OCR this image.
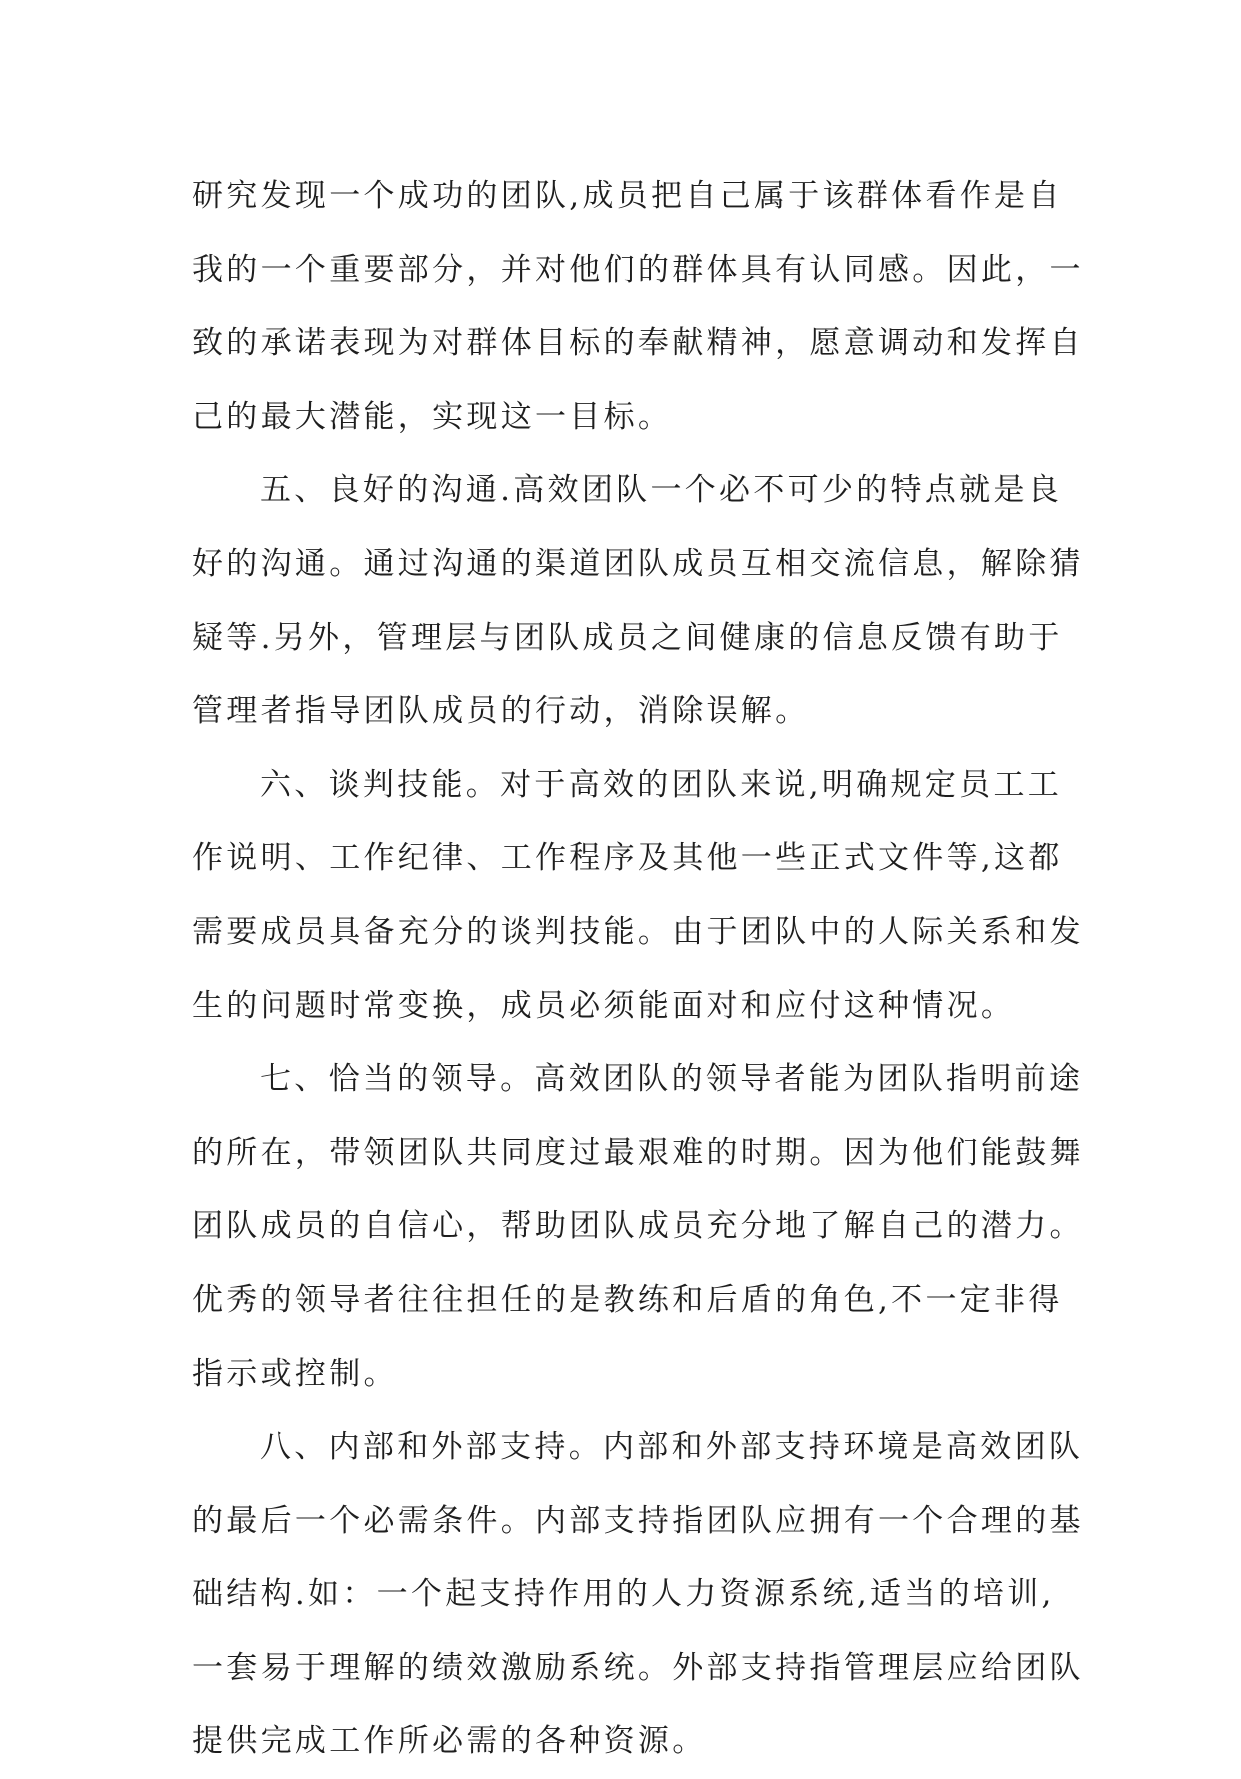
研究发现一个成功的团队,成员把自己属于该群体看作是自
我的一个重要部分，并对他们的群体具有认同感。因此，一
致的承诺表现为对群体目标的奉献精神，愿意调动和发挥自
己的最大潜能，实现这一目标。
五、良好的沟通.高效团队一个必不可少的特点就是良
好的沟通。通过沟通的渠道团队成员互相交流信息，解除猜
疑等.另外，管理层与团队成员之间健康的信息反馈有助于
管理者指导团队成员的行动，消除误解。
六、谈判技能。对于高效的团队来说,明确规定员工工
作说明、工作纪律、工作程序及其他一些正式文件等,这都
需要成员具备充分的谈判技能。由于团队中的人际关系和发
生的问题时常变换，成员必须能面对和应付这种情况。
七、恰当的领导。高效团队的领导者能为团队指明前途
的所在，带领团队共同度过最艰难的时期。因为他们能鼓舞
团队成员的自信心，帮助团队成员充分地了解自己的潜力。
优秀的领导者往往担任的是教练和后盾的角色,不一定非得
指示或控制。
八、内部和外部支持。内部和外部支持环境是高效团队
的最后一个必需条件。内部支持指团队应拥有一个合理的基
础结构.如：一个起支持作用的人力资源系统,适当的培训,
一套易于理解的绩效激励系统。外部支持指管理层应给团队
提供完成工作所必需的各种资源。
